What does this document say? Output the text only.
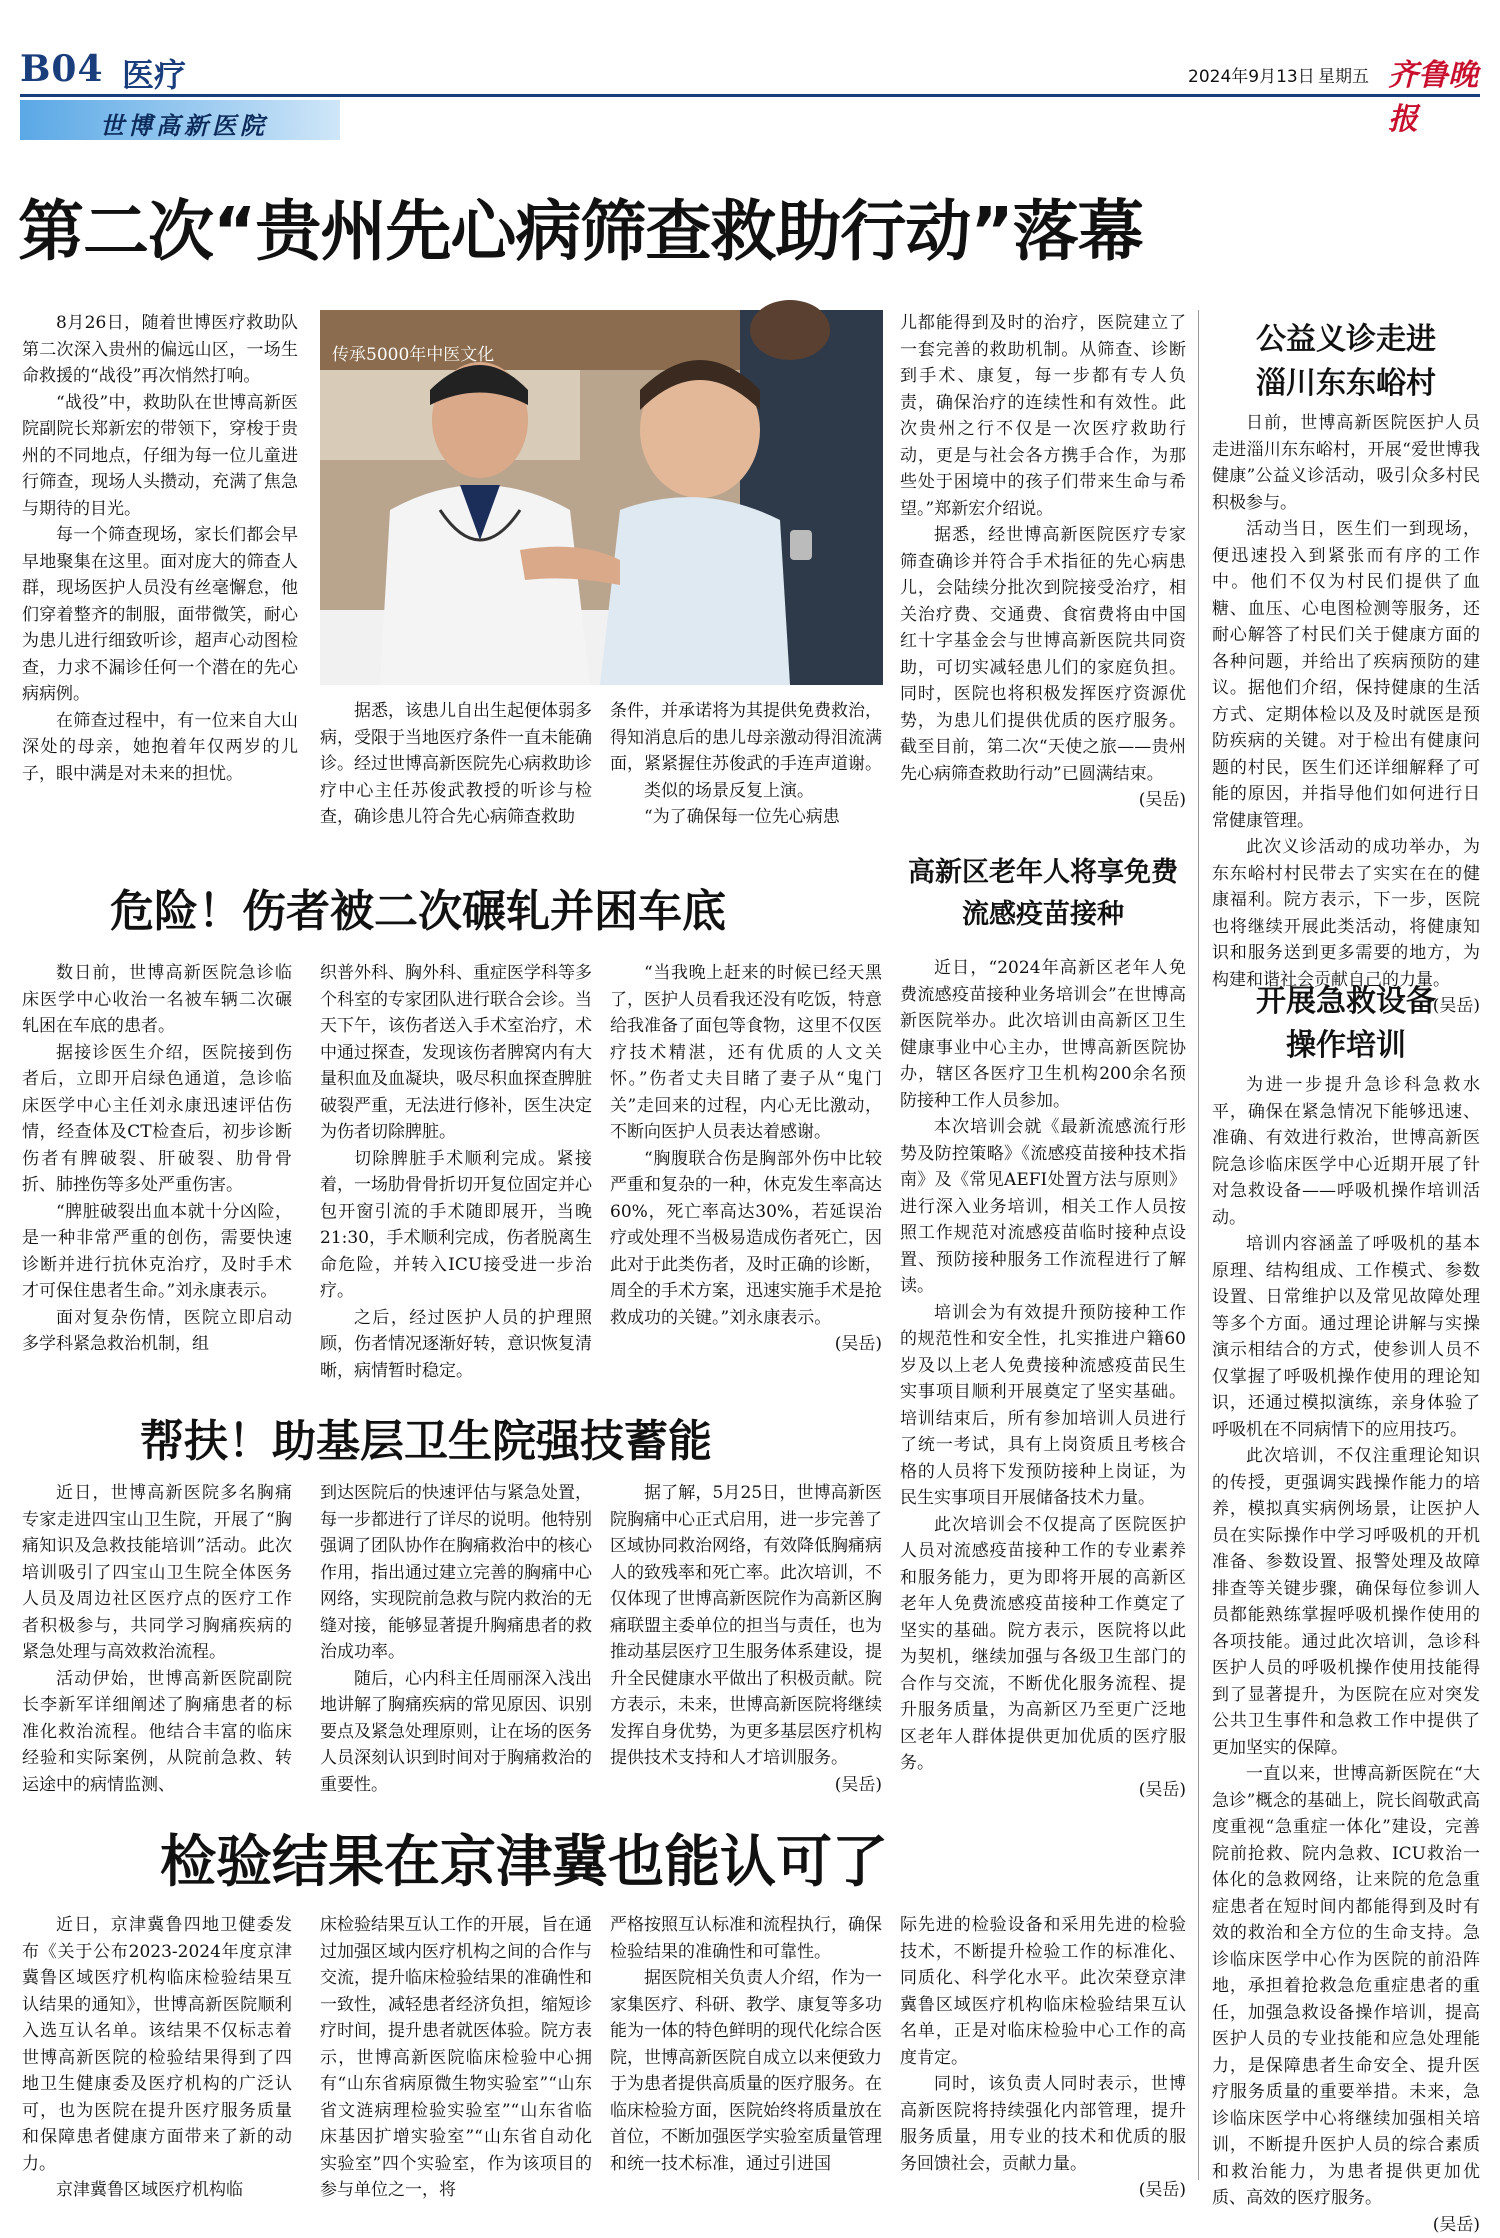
B04 医疗	2024年9月13日 星期五 齐鲁晚报
世博高新医院
第二次“贵州先心病筛查救助行动”落幕

8月26日，随着世博医疗救助队第二次深入贵州的偏远山区，一场生命救援的“战役”再次悄然打响。

“战役”中，救助队在世博高新医院副院长郑新宏的带领下，穿梭于贵州的不同地点，仔细为每一位儿童进行筛查，现场人头攒动，充满了焦急与期待的目光。

每一个筛查现场，家长们都会早早地聚集在这里。面对庞大的筛查人群，现场医护人员没有丝毫懈怠，他们穿着整齐的制服，面带微笑，耐心为患儿进行细致听诊，超声心动图检查，力求不漏诊任何一个潜在的先心病病例。

在筛查过程中，有一位来自大山深处的母亲，她抱着年仅两岁的儿子，眼中满是对未来的担忧。

传承5000年中医文化

据悉，该患儿自出生起便体弱多病，受限于当地医疗条件一直未能确诊。经过世博高新医院先心病救助诊疗中心主任苏俊武教授的听诊与检查，确诊患儿符合先心病筛查救助

条件，并承诺将为其提供免费救治，得知消息后的患儿母亲激动得泪流满面，紧紧握住苏俊武的手连声道谢。

类似的场景反复上演。

“为了确保每一位先心病患

儿都能得到及时的治疗，医院建立了一套完善的救助机制。从筛查、诊断到手术、康复，每一步都有专人负责，确保治疗的连续性和有效性。此次贵州之行不仅是一次医疗救助行动，更是与社会各方携手合作，为那些处于困境中的孩子们带来生命与希望。”郑新宏介绍说。

据悉，经世博高新医院医疗专家筛查确诊并符合手术指征的先心病患儿，会陆续分批次到院接受治疗，相关治疗费、交通费、食宿费将由中国红十字基金会与世博高新医院共同资助，可切实减轻患儿们的家庭负担。同时，医院也将积极发挥医疗资源优势，为患儿们提供优质的医疗服务。截至目前，第二次“天使之旅——贵州先心病筛查救助行动”已圆满结束。

(吴岳)

危险！伤者被二次碾轧并困车底

数日前，世博高新医院急诊临床医学中心收治一名被车辆二次碾轧困在车底的患者。

据接诊医生介绍，医院接到伤者后，立即开启绿色通道，急诊临床医学中心主任刘永康迅速评估伤情，经查体及CT检查后，初步诊断伤者有脾破裂、肝破裂、肋骨骨折、肺挫伤等多处严重伤害。

“脾脏破裂出血本就十分凶险，是一种非常严重的创伤，需要快速诊断并进行抗休克治疗，及时手术才可保住患者生命。”刘永康表示。

面对复杂伤情，医院立即启动多学科紧急救治机制，组

织普外科、胸外科、重症医学科等多个科室的专家团队进行联合会诊。当天下午，该伤者送入手术室治疗，术中通过探查，发现该伤者脾窝内有大量积血及血凝块，吸尽积血探查脾脏破裂严重，无法进行修补，医生决定为伤者切除脾脏。

切除脾脏手术顺利完成。紧接着，一场肋骨骨折切开复位固定并心包开窗引流的手术随即展开，当晚21:30，手术顺利完成，伤者脱离生命危险，并转入ICU接受进一步治疗。

之后，经过医护人员的护理照顾，伤者情况逐渐好转，意识恢复清晰，病情暂时稳定。

“当我晚上赶来的时候已经天黑了，医护人员看我还没有吃饭，特意给我准备了面包等食物，这里不仅医疗技术精湛，还有优质的人文关怀。”伤者丈夫目睹了妻子从“鬼门关”走回来的过程，内心无比激动，不断向医护人员表达着感谢。

“胸腹联合伤是胸部外伤中比较严重和复杂的一种，休克发生率高达60%，死亡率高达30%，若延误治疗或处理不当极易造成伤者死亡，因此对于此类伤者，及时正确的诊断，周全的手术方案，迅速实施手术是抢救成功的关键。”刘永康表示。

(吴岳)

帮扶！助基层卫生院强技蓄能

近日，世博高新医院多名胸痛专家走进四宝山卫生院，开展了“胸痛知识及急救技能培训”活动。此次培训吸引了四宝山卫生院全体医务人员及周边社区医疗点的医疗工作者积极参与，共同学习胸痛疾病的紧急处理与高效救治流程。

活动伊始，世博高新医院副院长李新军详细阐述了胸痛患者的标准化救治流程。他结合丰富的临床经验和实际案例，从院前急救、转运途中的病情监测、

到达医院后的快速评估与紧急处置，每一步都进行了详尽的说明。他特别强调了团队协作在胸痛救治中的核心作用，指出通过建立完善的胸痛中心网络，实现院前急救与院内救治的无缝对接，能够显著提升胸痛患者的救治成功率。

随后，心内科主任周丽深入浅出地讲解了胸痛疾病的常见原因、识别要点及紧急处理原则，让在场的医务人员深刻认识到时间对于胸痛救治的重要性。

据了解，5月25日，世博高新医院胸痛中心正式启用，进一步完善了区域协同救治网络，有效降低胸痛病人的致残率和死亡率。此次培训，不仅体现了世博高新医院作为高新区胸痛联盟主委单位的担当与责任，也为推动基层医疗卫生服务体系建设，提升全民健康水平做出了积极贡献。院方表示，未来，世博高新医院将继续发挥自身优势，为更多基层医疗机构提供技术支持和人才培训服务。

(吴岳)

检验结果在京津冀也能认可了

近日，京津冀鲁四地卫健委发布《关于公布2023-2024年度京津冀鲁区域医疗机构临床检验结果互认结果的通知》，世博高新医院顺利入选互认名单。该结果不仅标志着世博高新医院的检验结果得到了四地卫生健康委及医疗机构的广泛认可，也为医院在提升医疗服务质量和保障患者健康方面带来了新的动力。

京津冀鲁区域医疗机构临

床检验结果互认工作的开展，旨在通过加强区域内医疗机构之间的合作与交流，提升临床检验结果的准确性和一致性，减轻患者经济负担，缩短诊疗时间，提升患者就医体验。院方表示，世博高新医院临床检验中心拥有“山东省病原微生物实验室”“山东省文涟病理检验实验室”“山东省临床基因扩增实验室”“山东省自动化实验室”四个实验室，作为该项目的参与单位之一，将

严格按照互认标准和流程执行，确保检验结果的准确性和可靠性。

据医院相关负责人介绍，作为一家集医疗、科研、教学、康复等多功能为一体的特色鲜明的现代化综合医院，世博高新医院自成立以来便致力于为患者提供高质量的医疗服务。在临床检验方面，医院始终将质量放在首位，不断加强医学实验室质量管理和统一技术标准，通过引进国

际先进的检验设备和采用先进的检验技术，不断提升检验工作的标准化、同质化、科学化水平。此次荣登京津冀鲁区域医疗机构临床检验结果互认名单，正是对临床检验中心工作的高度肯定。

同时，该负责人同时表示，世博高新医院将持续强化内部管理，提升服务质量，用专业的技术和优质的服务回馈社会，贡献力量。

(吴岳)

高新区老年人将享免费流感疫苗接种

近日，“2024年高新区老年人免费流感疫苗接种业务培训会”在世博高新医院举办。此次培训由高新区卫生健康事业中心主办，世博高新医院协办，辖区各医疗卫生机构200余名预防接种工作人员参加。

本次培训会就《最新流感流行形势及防控策略》《流感疫苗接种技术指南》及《常见AEFI处置方法与原则》进行深入业务培训，相关工作人员按照工作规范对流感疫苗临时接种点设置、预防接种服务工作流程进行了解读。

培训会为有效提升预防接种工作的规范性和安全性，扎实推进户籍60岁及以上老人免费接种流感疫苗民生实事项目顺利开展奠定了坚实基础。培训结束后，所有参加培训人员进行了统一考试，具有上岗资质且考核合格的人员将下发预防接种上岗证，为民生实事项目开展储备技术力量。

此次培训会不仅提高了医院医护人员对流感疫苗接种工作的专业素养和服务能力，更为即将开展的高新区老年人免费流感疫苗接种工作奠定了坚实的基础。院方表示，医院将以此为契机，继续加强与各级卫生部门的合作与交流，不断优化服务流程、提升服务质量，为高新区乃至更广泛地区老年人群体提供更加优质的医疗服务。

(吴岳)

公益义诊走进
淄川东东峪村

日前，世博高新医院医护人员走进淄川东东峪村，开展“爱世博我健康”公益义诊活动，吸引众多村民积极参与。

活动当日，医生们一到现场，便迅速投入到紧张而有序的工作中。他们不仅为村民们提供了血糖、血压、心电图检测等服务，还耐心解答了村民们关于健康方面的各种问题，并给出了疾病预防的建议。据他们介绍，保持健康的生活方式、定期体检以及及时就医是预防疾病的关键。对于检出有健康问题的村民，医生们还详细解释了可能的原因，并指导他们如何进行日常健康管理。

此次义诊活动的成功举办，为东东峪村村民带去了实实在在的健康福利。院方表示，下一步，医院也将继续开展此类活动，将健康知识和服务送到更多需要的地方，为构建和谐社会贡献自己的力量。

(吴岳)

开展急救设备
操作培训

为进一步提升急诊科急救水平，确保在紧急情况下能够迅速、准确、有效进行救治，世博高新医院急诊临床医学中心近期开展了针对急救设备——呼吸机操作培训活动。

培训内容涵盖了呼吸机的基本原理、结构组成、工作模式、参数设置、日常维护以及常见故障处理等多个方面。通过理论讲解与实操演示相结合的方式，使参训人员不仅掌握了呼吸机操作使用的理论知识，还通过模拟演练，亲身体验了呼吸机在不同病情下的应用技巧。

此次培训，不仅注重理论知识的传授，更强调实践操作能力的培养，模拟真实病例场景，让医护人员在实际操作中学习呼吸机的开机准备、参数设置、报警处理及故障排查等关键步骤，确保每位参训人员都能熟练掌握呼吸机操作使用的各项技能。通过此次培训，急诊科医护人员的呼吸机操作使用技能得到了显著提升，为医院在应对突发公共卫生事件和急救工作中提供了更加坚实的保障。

一直以来，世博高新医院在“大急诊”概念的基础上，院长阎敬武高度重视“急重症一体化”建设，完善院前抢救、院内急救、ICU救治一体化的急救网络，让来院的危急重症患者在短时间内都能得到及时有效的救治和全方位的生命支持。急诊临床医学中心作为医院的前沿阵地，承担着抢救急危重症患者的重任，加强急救设备操作培训，提高医护人员的专业技能和应急处理能力，是保障患者生命安全、提升医疗服务质量的重要举措。未来，急诊临床医学中心将继续加强相关培训，不断提升医护人员的综合素质和救治能力，为患者提供更加优质、高效的医疗服务。

(吴岳)
